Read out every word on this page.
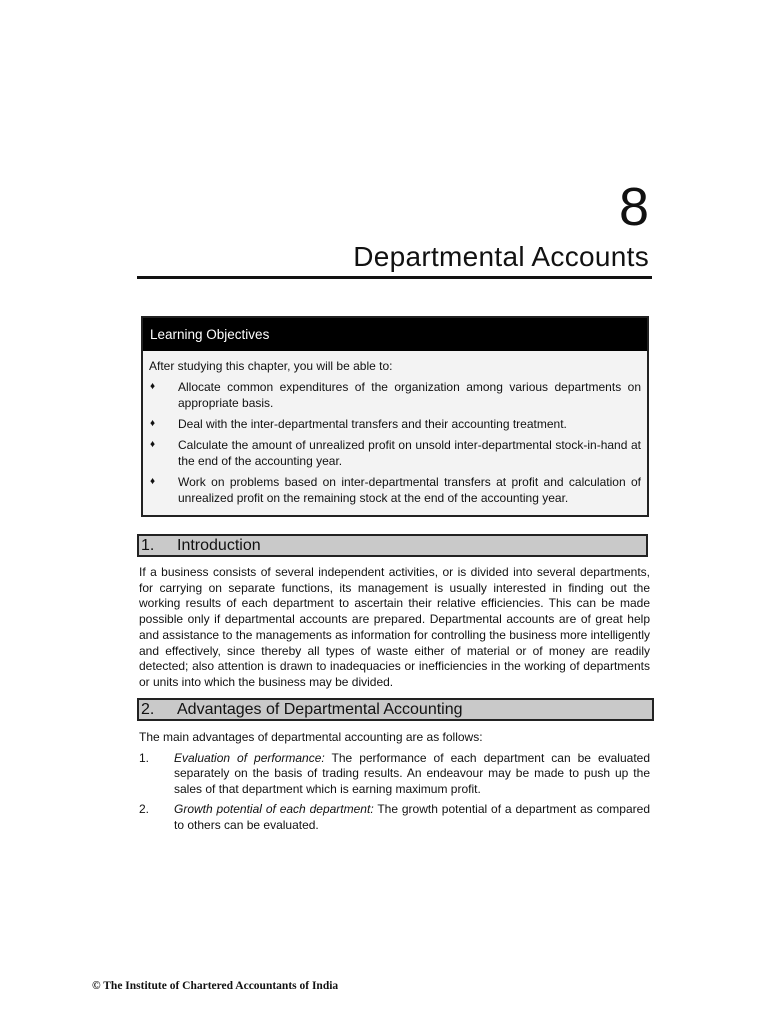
8
Departmental Accounts
Learning Objectives
After studying this chapter, you will be able to:
♦	Allocate common expenditures of the organization among various departments on appropriate basis.
♦	Deal with the inter-departmental transfers and their accounting treatment.
♦	Calculate the amount of unrealized profit on unsold inter-departmental stock-in-hand at the end of the accounting year.
♦	Work on problems based on inter-departmental transfers at profit and calculation of unrealized profit on the remaining stock at the end of the accounting year.
1. Introduction
If a business consists of several independent activities, or is divided into several departments, for carrying on separate functions, its management is usually interested in finding out the working results of each department to ascertain their relative efficiencies. This can be made possible only if departmental accounts are prepared. Departmental accounts are of great help and assistance to the managements as information for controlling the business more intelligently and effectively, since thereby all types of waste either of material or of money are readily detected; also attention is drawn to inadequacies or inefficiencies in the working of departments or units into which the business may be divided.
2. Advantages of Departmental Accounting
The main advantages of departmental accounting are as follows:
1.	Evaluation of performance: The performance of each department can be evaluated separately on the basis of trading results. An endeavour may be made to push up the sales of that department which is earning maximum profit.
2.	Growth potential of each department: The growth potential of a department as compared to others can be evaluated.
© The Institute of Chartered Accountants of India
